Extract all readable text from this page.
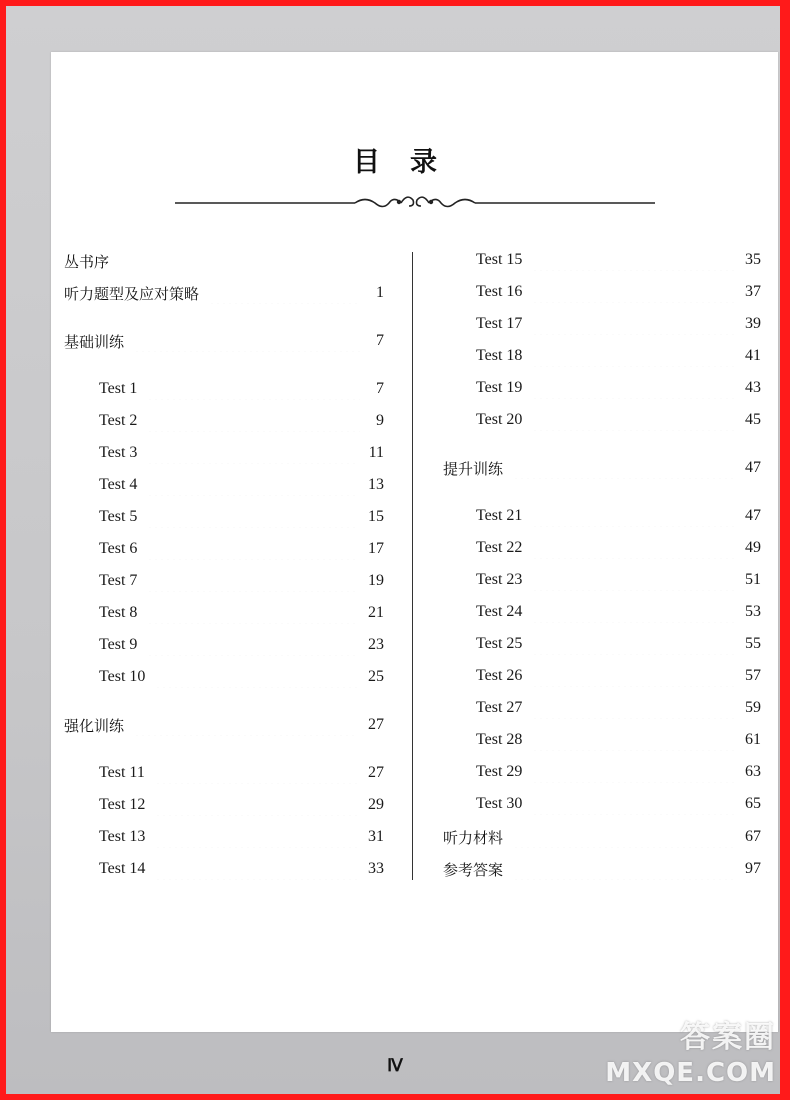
目录
丛书序
听力题型及应对策略	1
基础训练	7
Test 1	7
Test 2	9
Test 3	11
Test 4	13
Test 5	15
Test 6	17
Test 7	19
Test 8	21
Test 9	23
Test 10	25
强化训练	27
Test 11	27
Test 12	29
Test 13	31
Test 14	33
Test 15	35
Test 16	37
Test 17	39
Test 18	41
Test 19	43
Test 20	45
提升训练	47
Test 21	47
Test 22	49
Test 23	51
Test 24	53
Test 25	55
Test 26	57
Test 27	59
Test 28	61
Test 29	63
Test 30	65
听力材料	67
参考答案	97
Ⅳ
答案圈
MXQE.COM
